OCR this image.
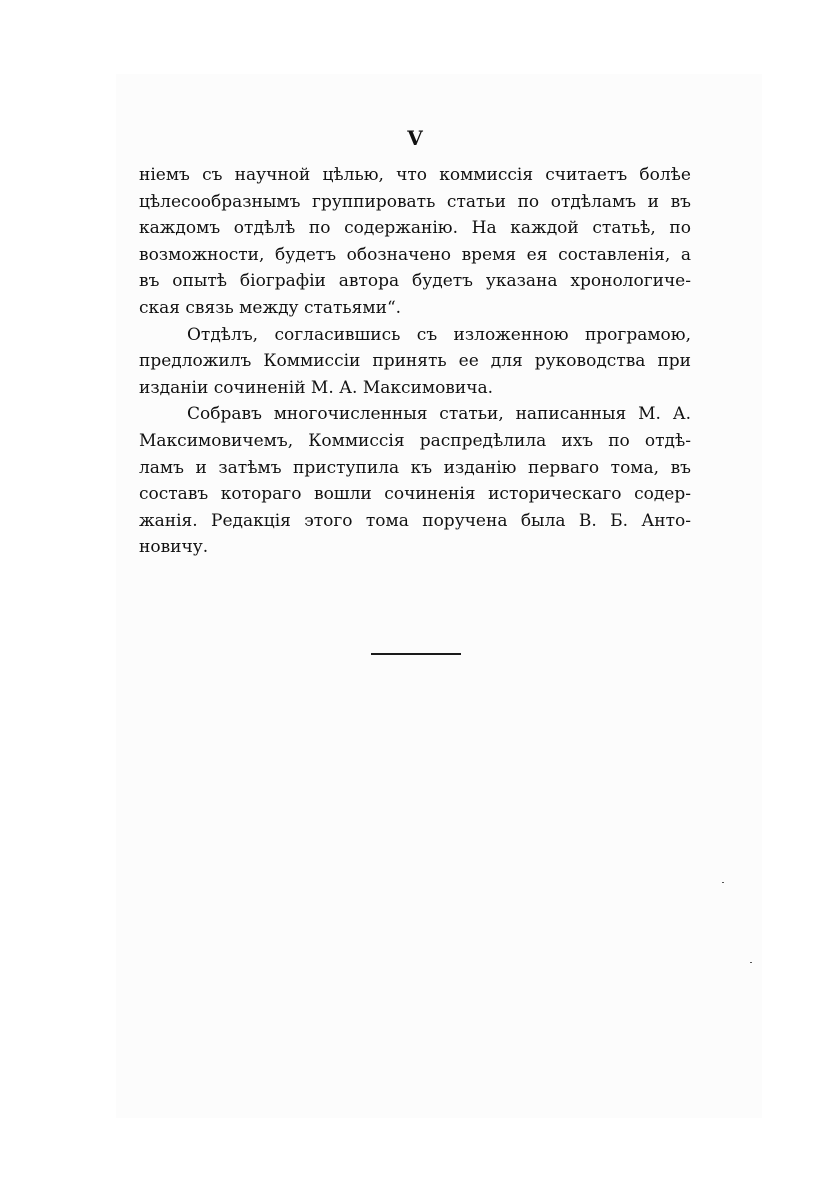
V
ніемъ съ научной цѣлью, что коммиссія считаетъ болѣе
цѣлесообразнымъ группировать статьи по отдѣламъ и въ
каждомъ отдѣлѣ по содержанію. На каждой статьѣ, по
возможности, будетъ обозначено время ея составленія, а
въ опытѣ біографіи автора будетъ указана хронологиче-
ская связь между статьями“.
Отдѣлъ, согласившись съ изложенною програмою,
предложилъ Коммиссіи принять ее для руководства при
изданіи сочиненій М. А. Максимовича.
Собравъ многочисленныя статьи, написанныя М. А.
Максимовичемъ, Коммиссія распредѣлила ихъ по отдѣ-
ламъ и затѣмъ приступила къ изданію перваго тома, въ
составъ котораго вошли сочиненія историческаго содер-
жанія. Редакція этого тома поручена была В. Б. Анто-
новичу.
